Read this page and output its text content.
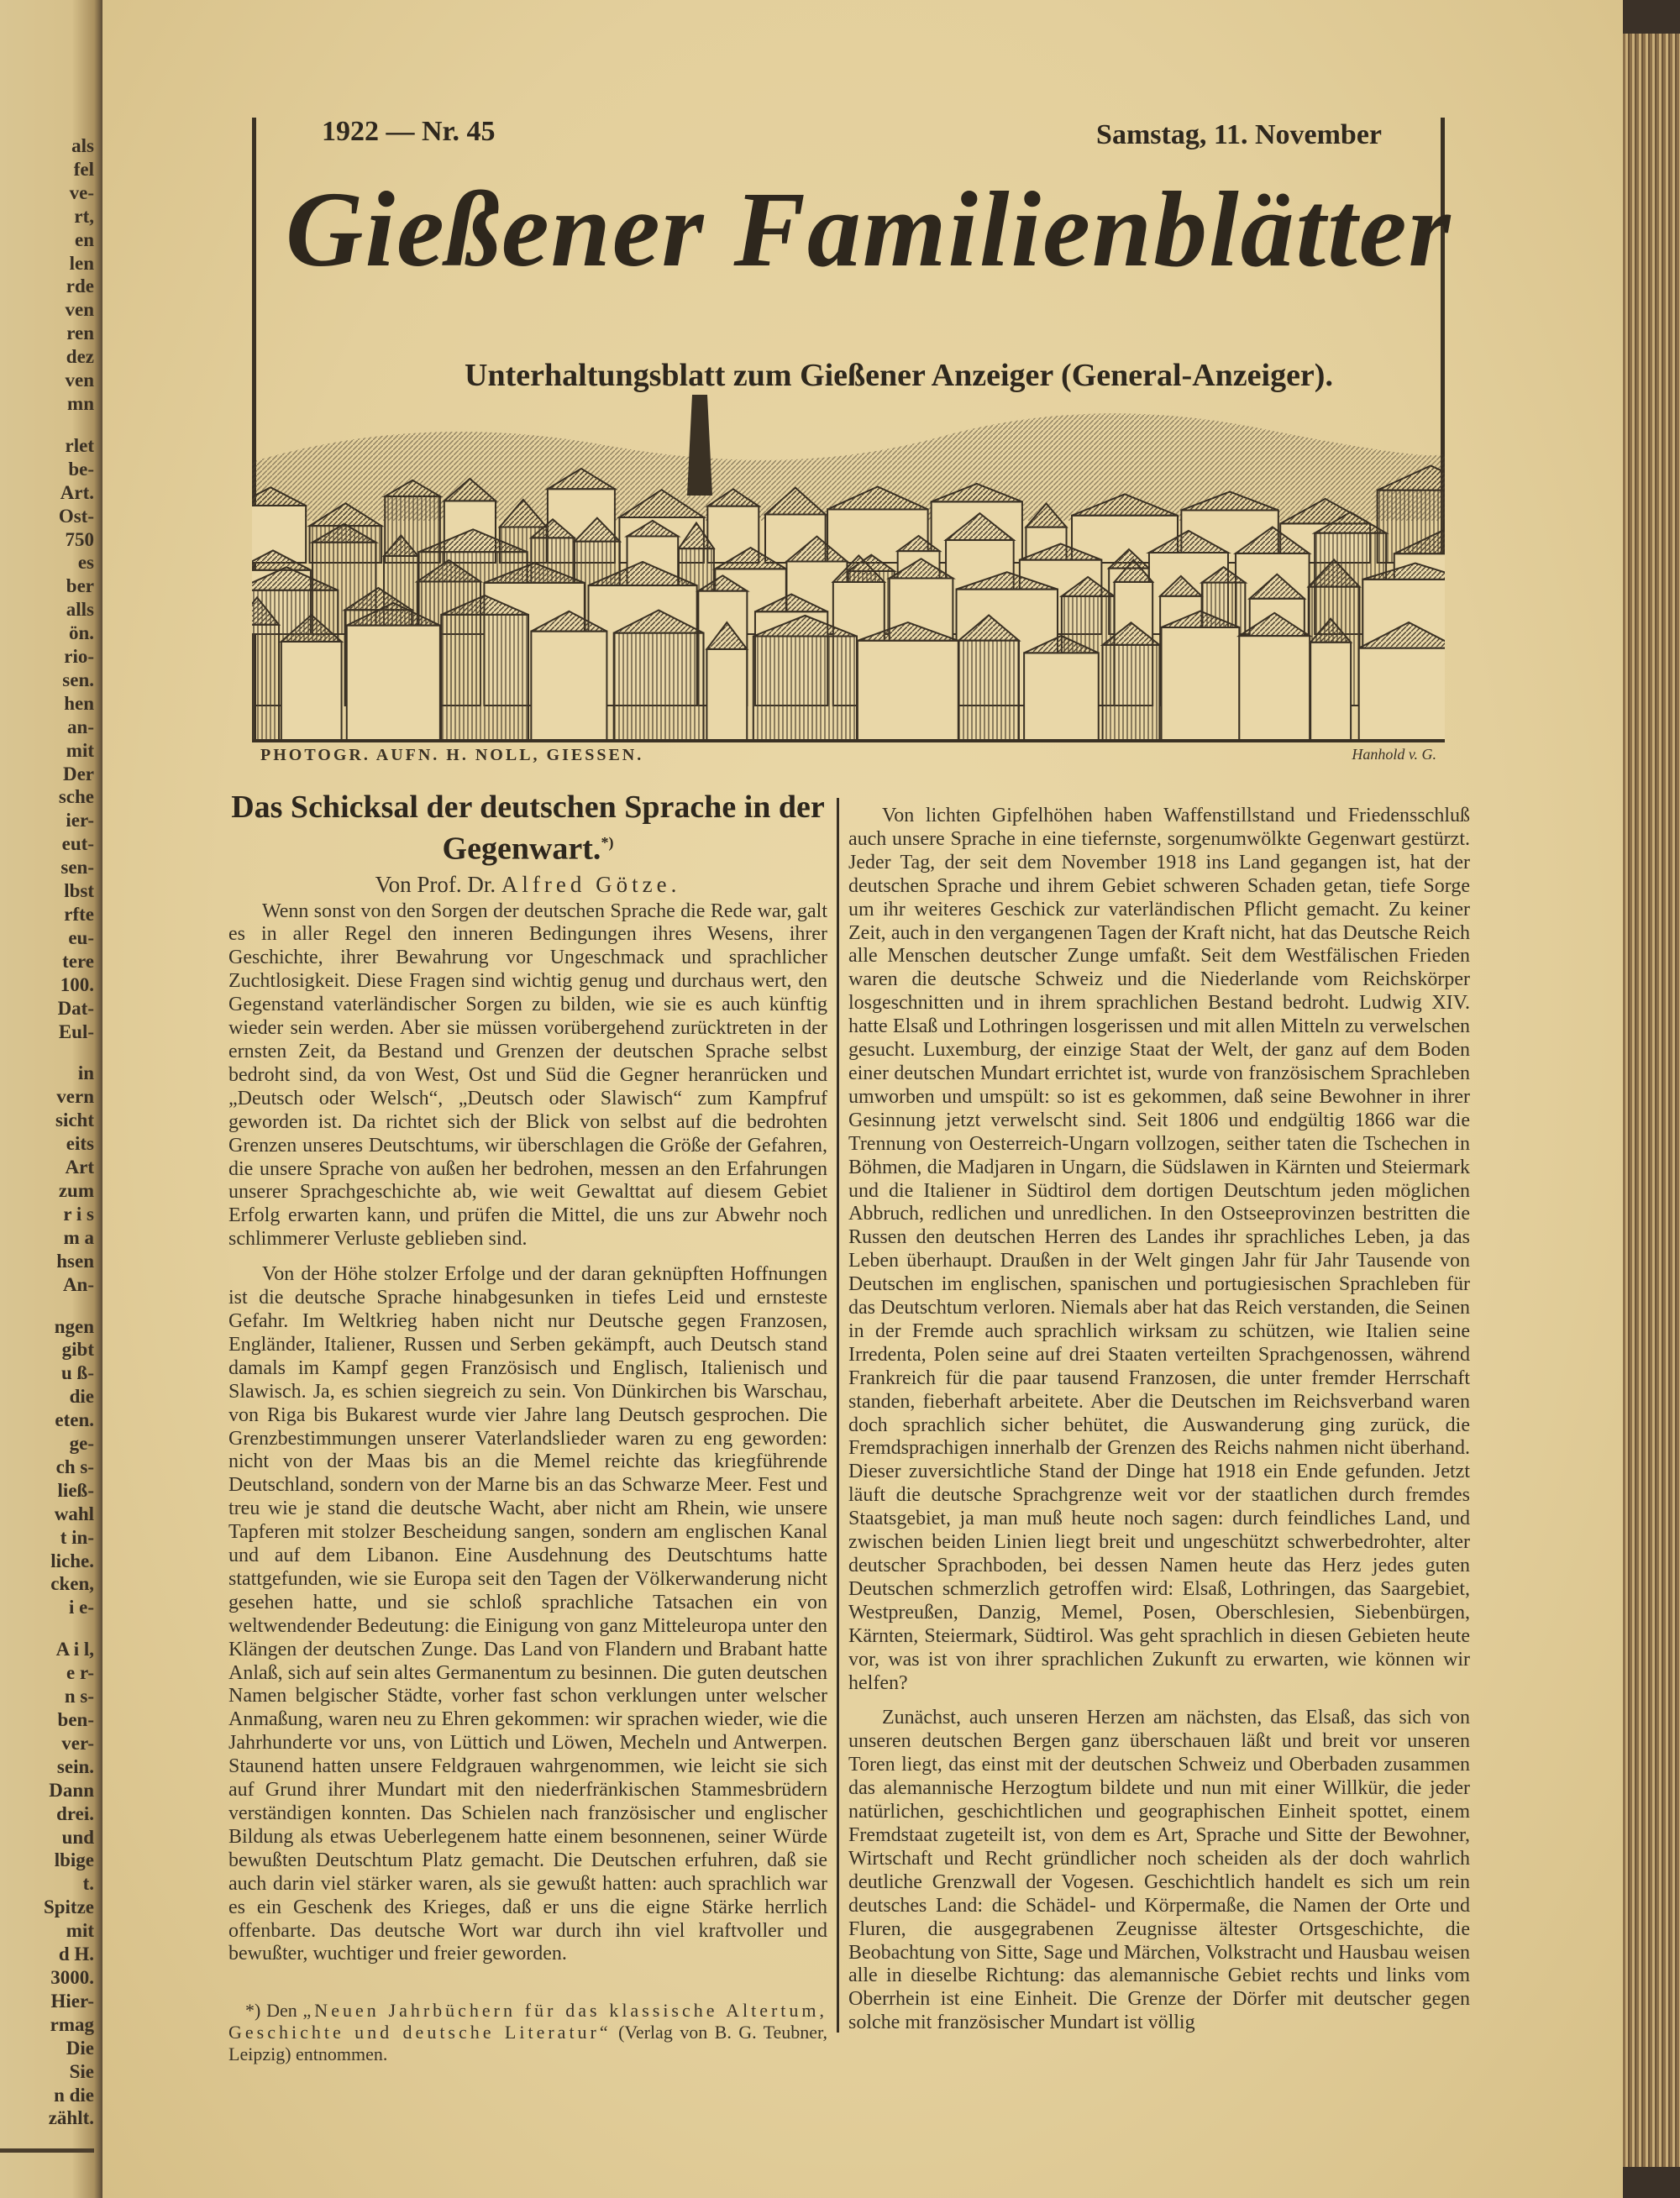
als
fel
ve-
rt,
en
len
rde
ven
ren
dez
ven
mn
rlet
be-
Art.
Ost-
750
es
ber
alls
ön.
rio-
sen.
hen
an-
mit
Der
sche
ier-
eut-
sen-
lbst
rfte
eu-
tere
100.
Dat-
Eul-
in
vern
sicht
eits
Art
zum
r i s
m a
hsen
An-
ngen
gibt
u ß-
die
eten.
ge-
ch s-
ließ-
wahl
t in-
liche.
cken,
i e-
A i l,
e r-
n s-
ben-
ver-
sein.
Dann
drei.
und
lbige
t.
Spitze
mit
d H.
3000.
Hier-
rmag
Die
Sie
n die
zählt.
1922 — Nr. 45	Samstag, 11. November
Gießener Familienblätter
Unterhaltungsblatt zum Gießener Anzeiger (General-Anzeiger).
PHOTOGR. AUFN. H. NOLL, GIESSEN.	Hanhold v. G.
Das Schicksal der deutschen Sprache in der Gegenwart.*)
Von Prof. Dr. Alfred Götze.

Wenn sonst von den Sorgen der deutschen Sprache die Rede war, galt es in aller Regel den inneren Bedingungen ihres Wesens, ihrer Geschichte, ihrer Bewahrung vor Ungeschmack und sprachlicher Zuchtlosigkeit. Diese Fragen sind wichtig genug und durchaus wert, den Gegenstand vaterländischer Sorgen zu bilden, wie sie es auch künftig wieder sein werden. Aber sie müssen vorübergehend zurücktreten in der ernsten Zeit, da Bestand und Grenzen der deutschen Sprache selbst bedroht sind, da von West, Ost und Süd die Gegner heranrücken und „Deutsch oder Welsch“, „Deutsch oder Slawisch“ zum Kampfruf geworden ist. Da richtet sich der Blick von selbst auf die bedrohten Grenzen unseres Deutschtums, wir überschlagen die Größe der Gefahren, die unsere Sprache von außen her bedrohen, messen an den Erfahrungen unserer Sprachgeschichte ab, wie weit Gewalttat auf diesem Gebiet Erfolg erwarten kann, und prüfen die Mittel, die uns zur Abwehr noch schlimmerer Verluste geblieben sind.

Von der Höhe stolzer Erfolge und der daran geknüpften Hoffnungen ist die deutsche Sprache hinabgesunken in tiefes Leid und ernsteste Gefahr. Im Weltkrieg haben nicht nur Deutsche gegen Franzosen, Engländer, Italiener, Russen und Serben gekämpft, auch Deutsch stand damals im Kampf gegen Französisch und Englisch, Italienisch und Slawisch. Ja, es schien siegreich zu sein. Von Dünkirchen bis Warschau, von Riga bis Bukarest wurde vier Jahre lang Deutsch gesprochen. Die Grenzbestimmungen unserer Vaterlandslieder waren zu eng geworden: nicht von der Maas bis an die Memel reichte das kriegführende Deutschland, sondern von der Marne bis an das Schwarze Meer. Fest und treu wie je stand die deutsche Wacht, aber nicht am Rhein, wie unsere Tapferen mit stolzer Bescheidung sangen, sondern am englischen Kanal und auf dem Libanon. Eine Ausdehnung des Deutschtums hatte stattgefunden, wie sie Europa seit den Tagen der Völkerwanderung nicht gesehen hatte, und sie schloß sprachliche Tatsachen ein von weltwendender Bedeutung: die Einigung von ganz Mitteleuropa unter den Klängen der deutschen Zunge. Das Land von Flandern und Brabant hatte Anlaß, sich auf sein altes Germanentum zu besinnen. Die guten deutschen Namen belgischer Städte, vorher fast schon verklungen unter welscher Anmaßung, waren neu zu Ehren gekommen: wir sprachen wieder, wie die Jahrhunderte vor uns, von Lüttich und Löwen, Mecheln und Antwerpen. Staunend hatten unsere Feldgrauen wahrgenommen, wie leicht sie sich auf Grund ihrer Mundart mit den niederfränkischen Stammesbrüdern verständigen konnten. Das Schielen nach französischer und englischer Bildung als etwas Ueberlegenem hatte einem besonnenen, seiner Würde bewußten Deutschtum Platz gemacht. Die Deutschen erfuhren, daß sie auch darin viel stärker waren, als sie gewußt hatten: auch sprachlich war es ein Geschenk des Krieges, daß er uns die eigne Stärke herrlich offenbarte. Das deutsche Wort war durch ihn viel kraftvoller und bewußter, wuchtiger und freier geworden.

*) Den „Neuen Jahrbüchern für das klassische Altertum, Geschichte und deutsche Literatur“ (Verlag von B. G. Teubner, Leipzig) entnommen.

Von lichten Gipfelhöhen haben Waffenstillstand und Friedensschluß auch unsere Sprache in eine tiefernste, sorgenumwölkte Gegenwart gestürzt. Jeder Tag, der seit dem November 1918 ins Land gegangen ist, hat der deutschen Sprache und ihrem Gebiet schweren Schaden getan, tiefe Sorge um ihr weiteres Geschick zur vaterländischen Pflicht gemacht. Zu keiner Zeit, auch in den vergangenen Tagen der Kraft nicht, hat das Deutsche Reich alle Menschen deutscher Zunge umfaßt. Seit dem Westfälischen Frieden waren die deutsche Schweiz und die Niederlande vom Reichskörper losgeschnitten und in ihrem sprachlichen Bestand bedroht. Ludwig XIV. hatte Elsaß und Lothringen losgerissen und mit allen Mitteln zu verwelschen gesucht. Luxemburg, der einzige Staat der Welt, der ganz auf dem Boden einer deutschen Mundart errichtet ist, wurde von französischem Sprachleben umworben und umspült: so ist es gekommen, daß seine Bewohner in ihrer Gesinnung jetzt verwelscht sind. Seit 1806 und endgültig 1866 war die Trennung von Oesterreich-Ungarn vollzogen, seither taten die Tschechen in Böhmen, die Madjaren in Ungarn, die Südslawen in Kärnten und Steiermark und die Italiener in Südtirol dem dortigen Deutschtum jeden möglichen Abbruch, redlichen und unredlichen. In den Ostseeprovinzen bestritten die Russen den deutschen Herren des Landes ihr sprachliches Leben, ja das Leben überhaupt. Draußen in der Welt gingen Jahr für Jahr Tausende von Deutschen im englischen, spanischen und portugiesischen Sprachleben für das Deutschtum verloren. Niemals aber hat das Reich verstanden, die Seinen in der Fremde auch sprachlich wirksam zu schützen, wie Italien seine Irredenta, Polen seine auf drei Staaten verteilten Sprachgenossen, während Frankreich für die paar tausend Franzosen, die unter fremder Herrschaft standen, fieberhaft arbeitete. Aber die Deutschen im Reichsverband waren doch sprachlich sicher behütet, die Auswanderung ging zurück, die Fremdsprachigen innerhalb der Grenzen des Reichs nahmen nicht überhand. Dieser zuversichtliche Stand der Dinge hat 1918 ein Ende gefunden. Jetzt läuft die deutsche Sprachgrenze weit vor der staatlichen durch fremdes Staatsgebiet, ja man muß heute noch sagen: durch feindliches Land, und zwischen beiden Linien liegt breit und ungeschützt schwerbedrohter, alter deutscher Sprachboden, bei dessen Namen heute das Herz jedes guten Deutschen schmerzlich getroffen wird: Elsaß, Lothringen, das Saargebiet, Westpreußen, Danzig, Memel, Posen, Oberschlesien, Siebenbürgen, Kärnten, Steiermark, Südtirol. Was geht sprachlich in diesen Gebieten heute vor, was ist von ihrer sprachlichen Zukunft zu erwarten, wie können wir helfen?

Zunächst, auch unseren Herzen am nächsten, das Elsaß, das sich von unseren deutschen Bergen ganz überschauen läßt und breit vor unseren Toren liegt, das einst mit der deutschen Schweiz und Oberbaden zusammen das alemannische Herzogtum bildete und nun mit einer Willkür, die jeder natürlichen, geschichtlichen und geographischen Einheit spottet, einem Fremdstaat zugeteilt ist, von dem es Art, Sprache und Sitte der Bewohner, Wirtschaft und Recht gründlicher noch scheiden als der doch wahrlich deutliche Grenzwall der Vogesen. Geschichtlich handelt es sich um rein deutsches Land: die Schädel- und Körpermaße, die Namen der Orte und Fluren, die ausgegrabenen Zeugnisse ältester Ortsgeschichte, die Beobachtung von Sitte, Sage und Märchen, Volkstracht und Hausbau weisen alle in dieselbe Richtung: das alemannische Gebiet rechts und links vom Oberrhein ist eine Einheit. Die Grenze der Dörfer mit deutscher gegen solche mit französischer Mundart ist völlig
